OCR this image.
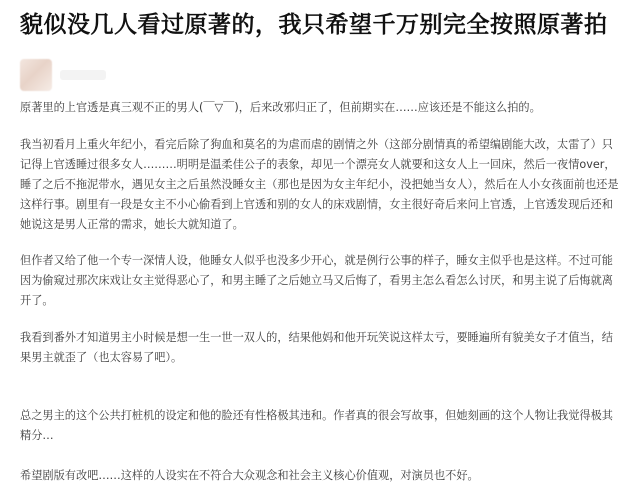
貌似没几人看过原著的，我只希望千万别完全按照原著拍

原著里的上官透是真三观不正的男人(￣▽￣)，后来改邪归正了，但前期实在……应该还是不能这么拍的。

我当初看月上重火年纪小，看完后除了狗血和莫名的为虐而虐的剧情之外（这部分剧情真的希望编剧能大改，太雷了）只记得上官透睡过很多女人………明明是温柔佳公子的表象，却见一个漂亮女人就要和这女人上一回床，然后一夜情over，睡了之后不拖泥带水，遇见女主之后虽然没睡女主（那也是因为女主年纪小，没把她当女人），然后在人小女孩面前也还是这样行事。剧里有一段是女主不小心偷看到上官透和别的女人的床戏剧情，女主很好奇后来问上官透，上官透发现后还和她说这是男人正常的需求，她长大就知道了。

但作者又给了他一个专一深情人设，他睡女人似乎也没多少开心，就是例行公事的样子，睡女主似乎也是这样。不过可能因为偷窥过那次床戏让女主觉得恶心了，和男主睡了之后她立马又后悔了，看男主怎么看怎么讨厌，和男主说了后悔就离开了。

我看到番外才知道男主小时候是想一生一世一双人的，结果他妈和他开玩笑说这样太亏，要睡遍所有貌美女子才值当，结果男主就歪了（也太容易了吧）。

总之男主的这个公共打桩机的设定和他的脸还有性格极其违和。作者真的很会写故事，但她刻画的这个人物让我觉得极其精分…

希望剧版有改吧……这样的人设实在不符合大众观念和社会主义核心价值观，对演员也不好。
